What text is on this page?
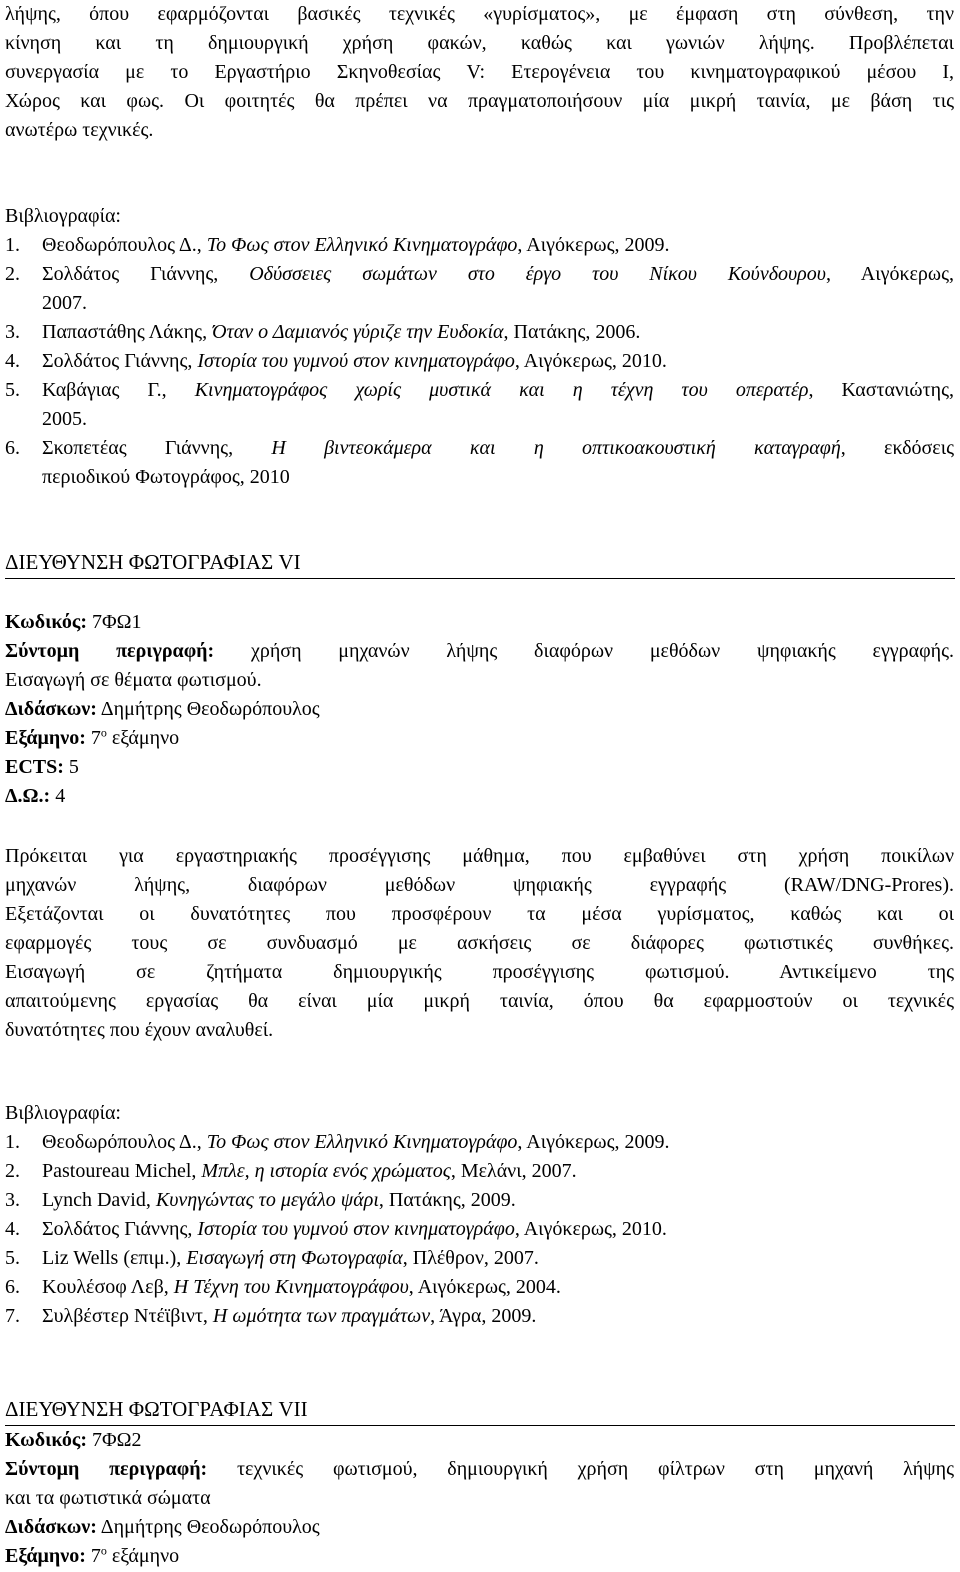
λήψης, όπου εφαρμόζονται βασικές τεχνικές «γυρίσματος», με έμφαση στη σύνθεση, την
κίνηση και τη δημιουργική χρήση φακών, καθώς και γωνιών λήψης. Προβλέπεται
συνεργασία με το Εργαστήριο Σκηνοθεσίας V: Ετερογένεια του κινηματογραφικού μέσου Ι,
Χώρος και φως. Οι φοιτητές θα πρέπει να πραγματοποιήσουν μία μικρή ταινία, με βάση τις
ανωτέρω τεχνικές.
Βιβλιογραφία:
1.	Θεοδωρόπουλος Δ., Το Φως στον Ελληνικό Κινηματογράφο, Αιγόκερως, 2009.
2.	Σολδάτος Γιάννης, Οδύσσειες σωμάτων στο έργο του Νίκου Κούνδουρου, Αιγόκερως,
2007.
3.	Παπαστάθης Λάκης, Όταν ο Δαμιανός γύριζε την Ευδοκία, Πατάκης, 2006.
4.	Σολδάτος Γιάννης, Ιστορία του γυμνού στον κινηματογράφο, Αιγόκερως, 2010.
5.	Καβάγιας Γ., Κινηματογράφος χωρίς μυστικά και η τέχνη του οπερατέρ, Καστανιώτης,
2005.
6.	Σκοπετέας Γιάννης, Η βιντεοκάμερα και η οπτικοακουστική καταγραφή, εκδόσεις
περιοδικού Φωτογράφος, 2010
ΔΙΕΥΘΥΝΣΗ ΦΩΤΟΓΡΑΦΙΑΣ VI
Κωδικός: 7ΦΩ1
Σύντομη περιγραφή: χρήση μηχανών λήψης διαφόρων μεθόδων ψηφιακής εγγραφής.
Εισαγωγή σε θέματα φωτισμού.
Διδάσκων: Δημήτρης Θεοδωρόπουλος
Εξάμηνο: $7^o$ εξάμηνο
ECTS: 5
Δ.Ω.: 4
Πρόκειται για εργαστηριακής προσέγγισης μάθημα, που εμβαθύνει στη χρήση ποικίλων
μηχανών λήψης, διαφόρων μεθόδων ψηφιακής εγγραφής (RAW/DNG-Prores).
Εξετάζονται οι δυνατότητες που προσφέρουν τα μέσα γυρίσματος, καθώς και οι
εφαρμογές τους σε συνδυασμό με ασκήσεις σε διάφορες φωτιστικές συνθήκες.
Εισαγωγή σε ζητήματα δημιουργικής προσέγγισης φωτισμού. Αντικείμενο της
απαιτούμενης εργασίας θα είναι μία μικρή ταινία, όπου θα εφαρμοστούν οι τεχνικές
δυνατότητες που έχουν αναλυθεί.
Βιβλιογραφία:
1.	Θεοδωρόπουλος Δ., Το Φως στον Ελληνικό Κινηματογράφο, Αιγόκερως, 2009.
2.	Pastoureau Michel, Μπλε, η ιστορία ενός χρώματος, Μελάνι, 2007.
3.	Lynch David, Κυνηγώντας το μεγάλο ψάρι, Πατάκης, 2009.
4.	Σολδάτος Γιάννης, Ιστορία του γυμνού στον κινηματογράφο, Αιγόκερως, 2010.
5.	Liz Wells (επιμ.), Εισαγωγή στη Φωτογραφία, Πλέθρον, 2007.
6.	Κουλέσοφ Λεβ, Η Τέχνη του Κινηματογράφου, Αιγόκερως, 2004.
7.	Συλβέστερ Ντέϊβιντ, Η ωμότητα των πραγμάτων, Άγρα, 2009.
ΔΙΕΥΘΥΝΣΗ ΦΩΤΟΓΡΑΦΙΑΣ VII
Κωδικός: 7ΦΩ2
Σύντομη περιγραφή: τεχνικές φωτισμού, δημιουργική χρήση φίλτρων στη μηχανή λήψης
και τα φωτιστικά σώματα
Διδάσκων: Δημήτρης Θεοδωρόπουλος
Εξάμηνο: $7^o$ εξάμηνο
